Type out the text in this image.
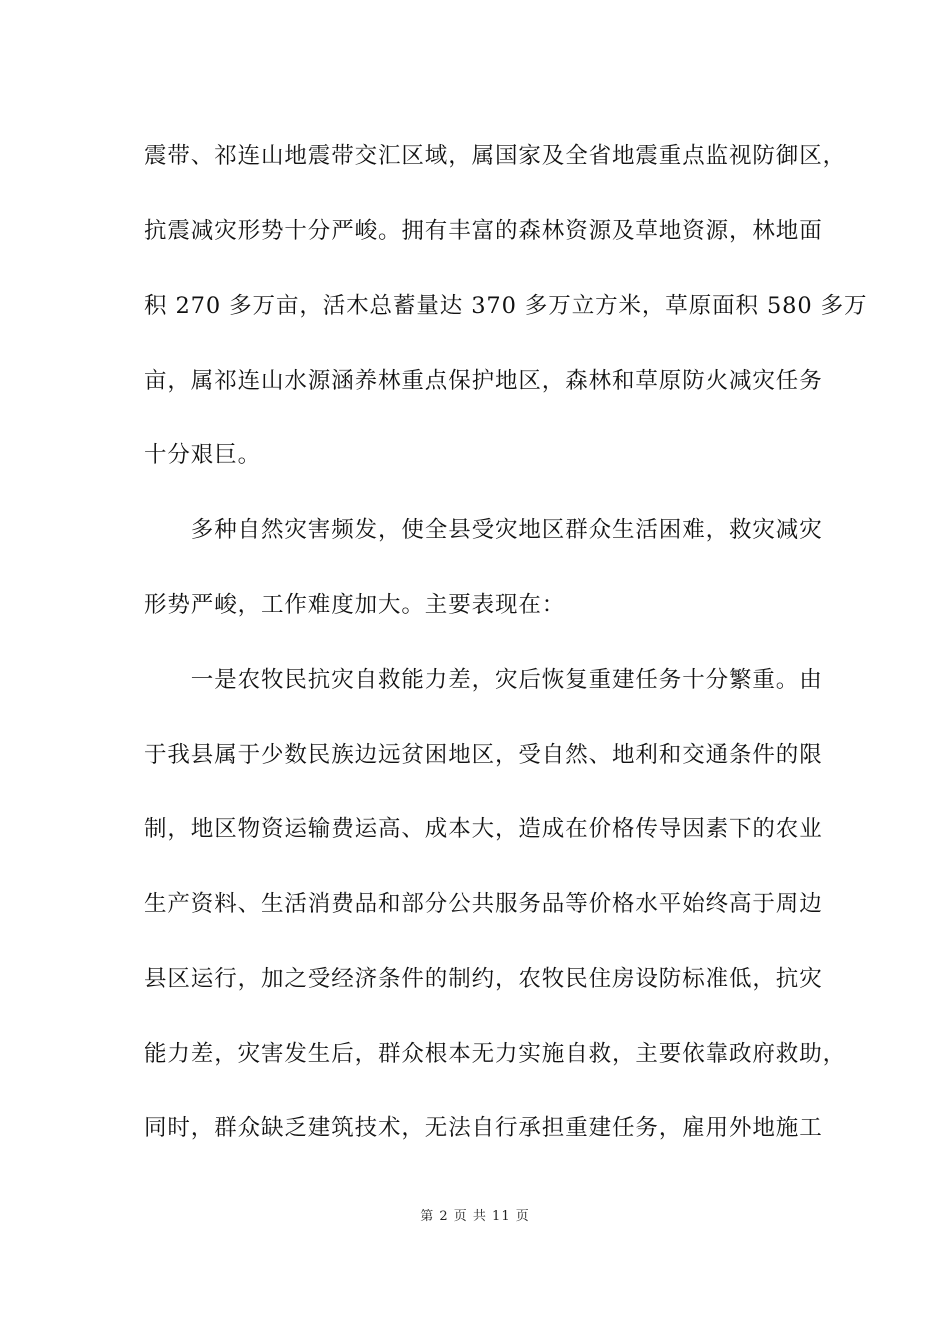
震带、祁连山地震带交汇区域，属国家及全省地震重点监视防御区，
抗震减灾形势十分严峻。拥有丰富的森林资源及草地资源，林地面
积 270 多万亩，活木总蓄量达 370 多万立方米，草原面积 580 多万
亩，属祁连山水源涵养林重点保护地区，森林和草原防火减灾任务
十分艰巨。
　　多种自然灾害频发，使全县受灾地区群众生活困难，救灾减灾
形势严峻，工作难度加大。主要表现在：
　　一是农牧民抗灾自救能力差，灾后恢复重建任务十分繁重。由
于我县属于少数民族边远贫困地区，受自然、地利和交通条件的限
制，地区物资运输费运高、成本大，造成在价格传导因素下的农业
生产资料、生活消费品和部分公共服务品等价格水平始终高于周边
县区运行，加之受经济条件的制约，农牧民住房设防标准低，抗灾
能力差，灾害发生后，群众根本无力实施自救，主要依靠政府救助，
同时，群众缺乏建筑技术，无法自行承担重建任务，雇用外地施工
第 2 页 共 11 页
